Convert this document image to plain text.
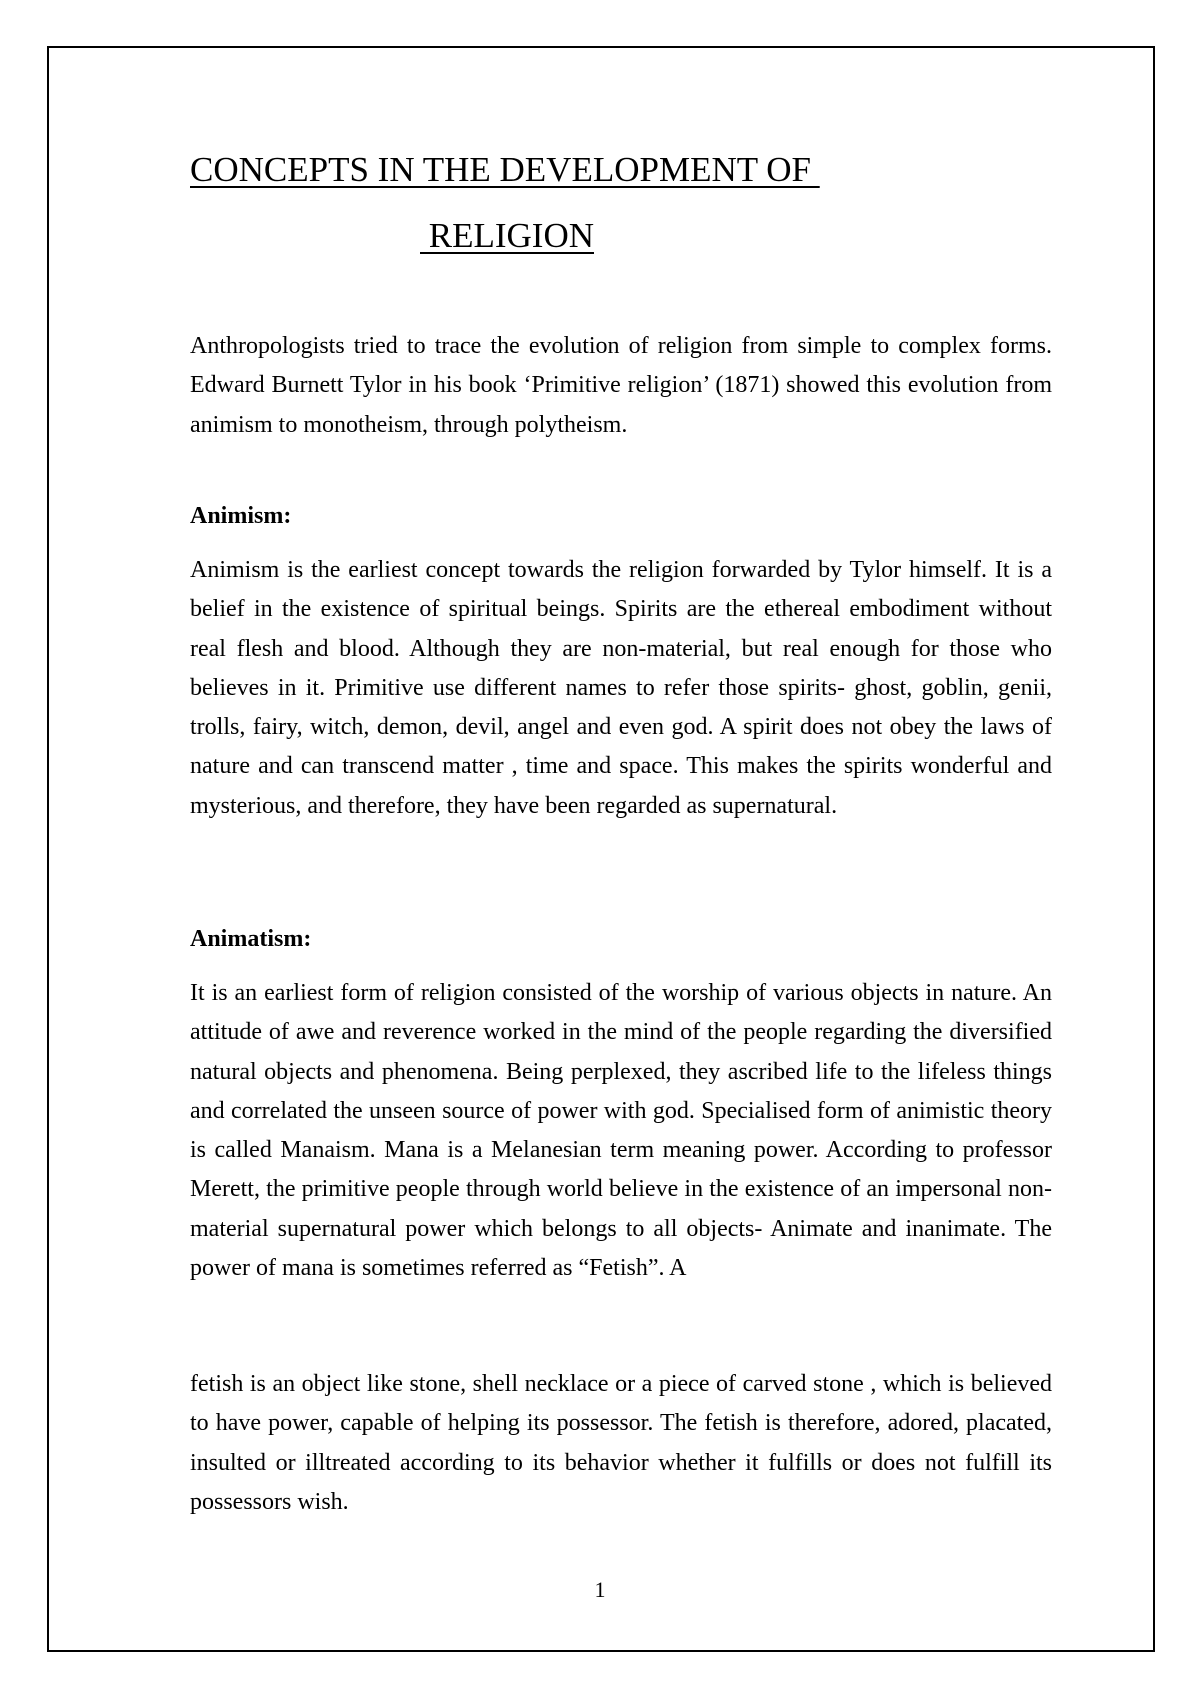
CONCEPTS IN THE DEVELOPMENT OF
RELIGION

Anthropologists tried to trace the evolution of religion from simple to complex forms. Edward Burnett Tylor in his book ‘Primitive religion’ (1871) showed this evolution from animism to monotheism, through polytheism.

Animism:

Animism is the earliest concept towards the religion forwarded by Tylor himself. It is a belief in the existence of spiritual beings. Spirits are the ethereal embodiment without real flesh and blood. Although they are non-material, but real enough for those who believes in it. Primitive use different names to refer those spirits- ghost, goblin, genii, trolls, fairy, witch, demon, devil, angel and even god. A spirit does not obey the laws of nature and can transcend matter , time and space. This makes the spirits wonderful and mysterious, and therefore, they have been regarded as supernatural.

Animatism:

It is an earliest form of religion consisted of the worship of various objects in nature. An attitude of awe and reverence worked in the mind of the people regarding the diversified natural objects and phenomena. Being perplexed, they ascribed life to the lifeless things and correlated the unseen source of power with god. Specialised form of animistic theory is called Manaism. Mana is a Melanesian term meaning power. According to professor Merett, the primitive people through world believe in the existence of an impersonal non-material supernatural power which belongs to all objects- Animate and inanimate. The power of mana is sometimes referred as “Fetish”. A

fetish is an object like stone, shell necklace or a piece of carved stone , which is believed to have power, capable of helping its possessor. The fetish is therefore, adored, placated, insulted or illtreated according to its behavior whether it fulfills or does not fulfill its possessors wish.

1
